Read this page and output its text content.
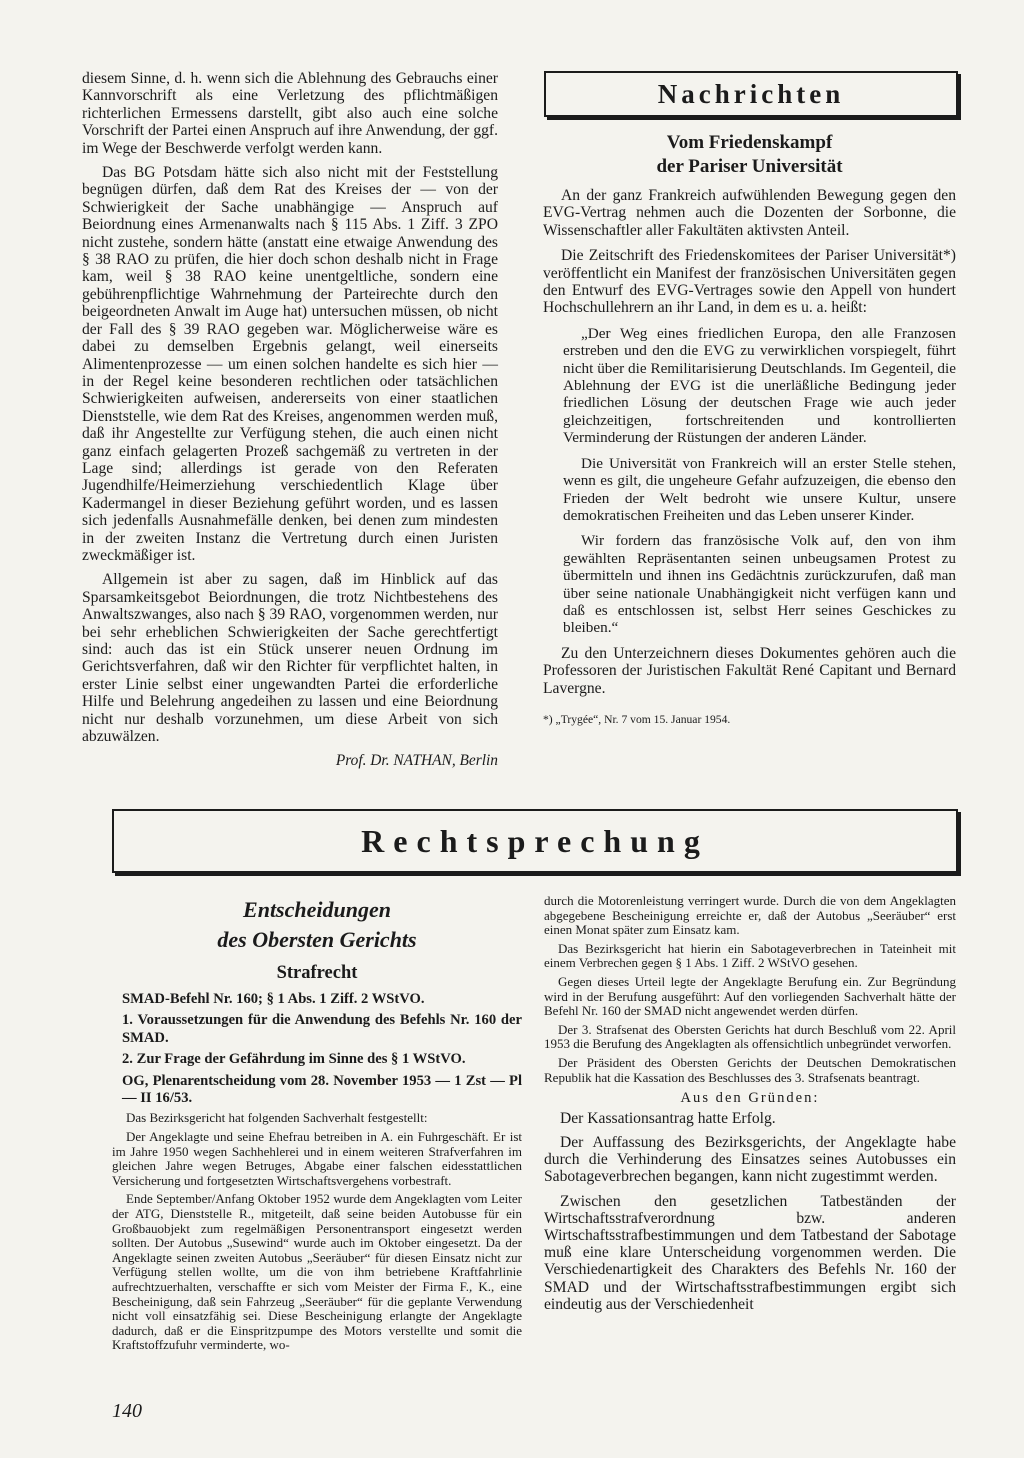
diesem Sinne, d. h. wenn sich die Ablehnung des Gebrauchs einer Kannvorschrift als eine Verletzung des pflichtmäßigen richterlichen Ermessens darstellt, gibt also auch eine solche Vorschrift der Partei einen Anspruch auf ihre Anwendung, der ggf. im Wege der Beschwerde verfolgt werden kann.

Das BG Potsdam hätte sich also nicht mit der Feststellung begnügen dürfen, daß dem Rat des Kreises der — von der Schwierigkeit der Sache unabhängige — Anspruch auf Beiordnung eines Armenanwalts nach § 115 Abs. 1 Ziff. 3 ZPO nicht zustehe, sondern hätte (anstatt eine etwaige Anwendung des § 38 RAO zu prüfen, die hier doch schon deshalb nicht in Frage kam, weil § 38 RAO keine unentgeltliche, sondern eine gebührenpflichtige Wahrnehmung der Parteirechte durch den beigeordneten Anwalt im Auge hat) untersuchen müssen, ob nicht der Fall des § 39 RAO gegeben war. Möglicherweise wäre es dabei zu demselben Ergebnis gelangt, weil einerseits Alimentenprozesse — um einen solchen handelte es sich hier — in der Regel keine besonderen rechtlichen oder tatsächlichen Schwierigkeiten aufweisen, andererseits von einer staatlichen Dienststelle, wie dem Rat des Kreises, angenommen werden muß, daß ihr Angestellte zur Verfügung stehen, die auch einen nicht ganz einfach gelagerten Prozeß sachgemäß zu vertreten in der Lage sind; allerdings ist gerade von den Referaten Jugendhilfe/Heimerziehung verschiedentlich Klage über Kadermangel in dieser Beziehung geführt worden, und es lassen sich jedenfalls Ausnahmefälle denken, bei denen zum mindesten in der zweiten Instanz die Vertretung durch einen Juristen zweckmäßiger ist.

Allgemein ist aber zu sagen, daß im Hinblick auf das Sparsamkeitsgebot Beiordnungen, die trotz Nichtbestehens des Anwaltszwanges, also nach § 39 RAO, vorgenommen werden, nur bei sehr erheblichen Schwierigkeiten der Sache gerechtfertigt sind: auch das ist ein Stück unserer neuen Ordnung im Gerichtsverfahren, daß wir den Richter für verpflichtet halten, in erster Linie selbst einer ungewandten Partei die erforderliche Hilfe und Belehrung angedeihen zu lassen und eine Beiordnung nicht nur deshalb vorzunehmen, um diese Arbeit von sich abzuwälzen.

Prof. Dr. NATHAN, Berlin
Nachrichten
Vom Friedenskampf
der Pariser Universität

An der ganz Frankreich aufwühlenden Bewegung gegen den EVG-Vertrag nehmen auch die Dozenten der Sorbonne, die Wissenschaftler aller Fakultäten aktivsten Anteil.

Die Zeitschrift des Friedenskomitees der Pariser Universität*) veröffentlicht ein Manifest der französischen Universitäten gegen den Entwurf des EVG-Vertrages sowie den Appell von hundert Hochschullehrern an ihr Land, in dem es u. a. heißt:

„Der Weg eines friedlichen Europa, den alle Franzosen erstreben und den die EVG zu verwirklichen vorspiegelt, führt nicht über die Remilitarisierung Deutschlands. Im Gegenteil, die Ablehnung der EVG ist die unerläßliche Bedingung jeder friedlichen Lösung der deutschen Frage wie auch jeder gleichzeitigen, fortschreitenden und kontrollierten Verminderung der Rüstungen der anderen Länder.

Die Universität von Frankreich will an erster Stelle stehen, wenn es gilt, die ungeheure Gefahr aufzuzeigen, die ebenso den Frieden der Welt bedroht wie unsere Kultur, unsere demokratischen Freiheiten und das Leben unserer Kinder.

Wir fordern das französische Volk auf, den von ihm gewählten Repräsentanten seinen unbeugsamen Protest zu übermitteln und ihnen ins Gedächtnis zurückzurufen, daß man über seine nationale Unabhängigkeit nicht verfügen kann und daß es entschlossen ist, selbst Herr seines Geschickes zu bleiben.“

Zu den Unterzeichnern dieses Dokumentes gehören auch die Professoren der Juristischen Fakultät René Capitant und Bernard Lavergne.

*) „Trygée“, Nr. 7 vom 15. Januar 1954.

Rechtsprechung
Entscheidungen
des Obersten Gerichts
Strafrecht

SMAD-Befehl Nr. 160; § 1 Abs. 1 Ziff. 2 WStVO.

1. Voraussetzungen für die Anwendung des Befehls Nr. 160 der SMAD.

2. Zur Frage der Gefährdung im Sinne des § 1 WStVO.

OG, Plenarentscheidung vom 28. November 1953 — 1 Zst — Pl — II 16/53.

Das Bezirksgericht hat folgenden Sachverhalt festgestellt:

Der Angeklagte und seine Ehefrau betreiben in A. ein Fuhrgeschäft. Er ist im Jahre 1950 wegen Sachhehlerei und in einem weiteren Strafverfahren im gleichen Jahre wegen Betruges, Abgabe einer falschen eidesstattlichen Versicherung und fortgesetzten Wirtschaftsvergehens vorbestraft.

Ende September/Anfang Oktober 1952 wurde dem Angeklagten vom Leiter der ATG, Dienststelle R., mitgeteilt, daß seine beiden Autobusse für ein Großbauobjekt zum regelmäßigen Personentransport eingesetzt werden sollten. Der Autobus „Susewind“ wurde auch im Oktober eingesetzt. Da der Angeklagte seinen zweiten Autobus „Seeräuber“ für diesen Einsatz nicht zur Verfügung stellen wollte, um die von ihm betriebene Kraftfahrlinie aufrechtzuerhalten, verschaffte er sich vom Meister der Firma F., K., eine Bescheinigung, daß sein Fahrzeug „Seeräuber“ für die geplante Verwendung nicht voll einsatzfähig sei. Diese Bescheinigung erlangte der Angeklagte dadurch, daß er die Einspritzpumpe des Motors verstellte und somit die Kraftstoffzufuhr verminderte, wo-

durch die Motorenleistung verringert wurde. Durch die von dem Angeklagten abgegebene Bescheinigung erreichte er, daß der Autobus „Seeräuber“ erst einen Monat später zum Einsatz kam.

Das Bezirksgericht hat hierin ein Sabotageverbrechen in Tateinheit mit einem Verbrechen gegen § 1 Abs. 1 Ziff. 2 WStVO gesehen.

Gegen dieses Urteil legte der Angeklagte Berufung ein. Zur Begründung wird in der Berufung ausgeführt: Auf den vorliegenden Sachverhalt hätte der Befehl Nr. 160 der SMAD nicht angewendet werden dürfen.

Der 3. Strafsenat des Obersten Gerichts hat durch Beschluß vom 22. April 1953 die Berufung des Angeklagten als offensichtlich unbegründet verworfen.

Der Präsident des Obersten Gerichts der Deutschen Demokratischen Republik hat die Kassation des Beschlusses des 3. Strafsenats beantragt.

Aus den Gründen:

Der Kassationsantrag hatte Erfolg.

Der Auffassung des Bezirksgerichts, der Angeklagte habe durch die Verhinderung des Einsatzes seines Autobusses ein Sabotageverbrechen begangen, kann nicht zugestimmt werden.

Zwischen den gesetzlichen Tatbeständen der Wirtschaftsstrafverordnung bzw. anderen Wirtschaftsstrafbestimmungen und dem Tatbestand der Sabotage muß eine klare Unterscheidung vorgenommen werden. Die Verschiedenartigkeit des Charakters des Befehls Nr. 160 der SMAD und der Wirtschaftsstrafbestimmungen ergibt sich eindeutig aus der Verschiedenheit

140
